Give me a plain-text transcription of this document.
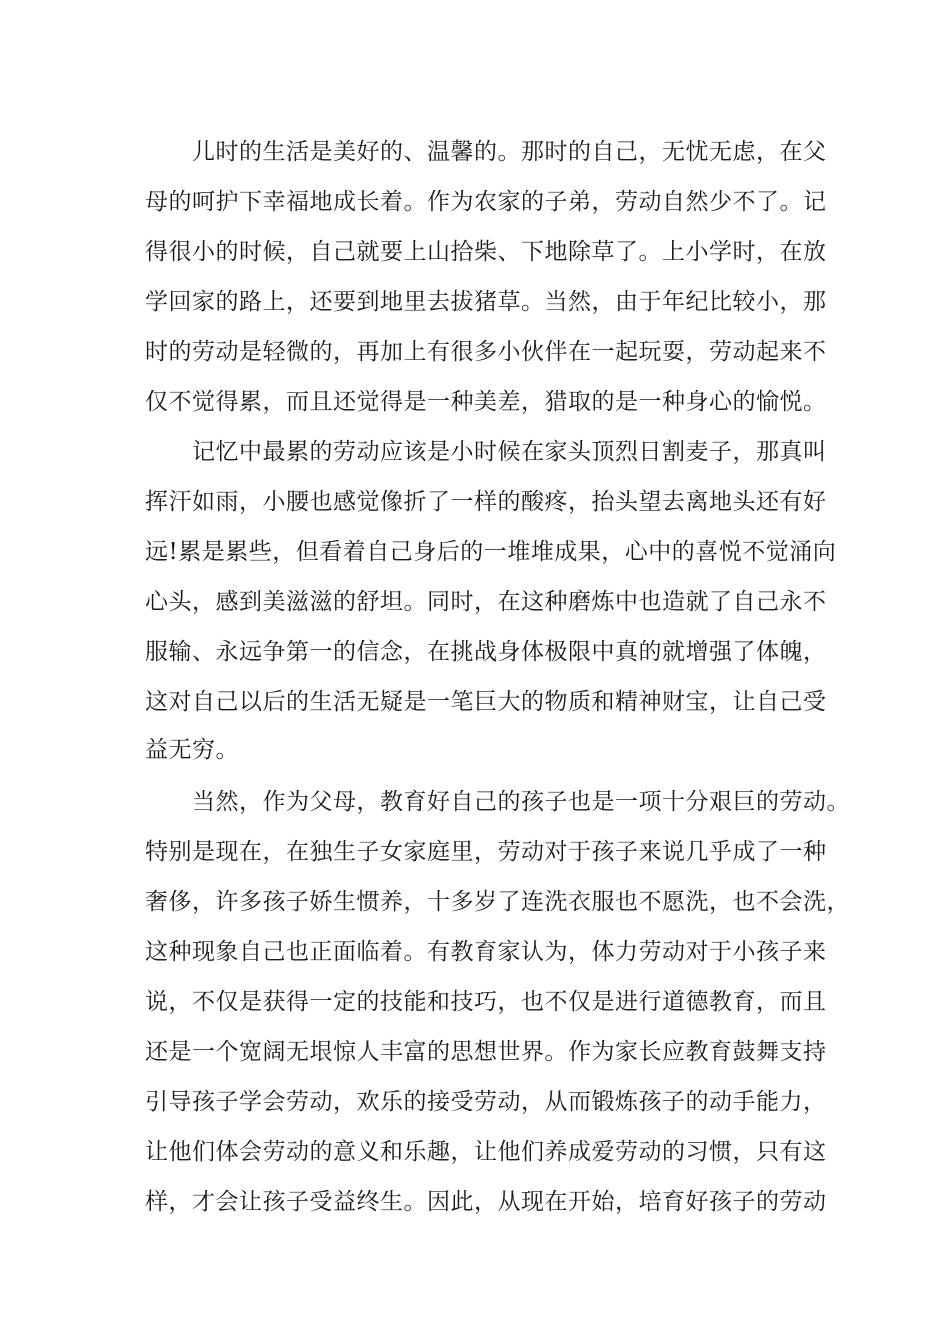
儿时的生活是美好的、温馨的。那时的自己，无忧无虑，在父
母的呵护下幸福地成长着。作为农家的子弟，劳动自然少不了。记
得很小的时候，自己就要上山拾柴、下地除草了。上小学时，在放
学回家的路上，还要到地里去拔猪草。当然，由于年纪比较小，那
时的劳动是轻微的，再加上有很多小伙伴在一起玩耍，劳动起来不
仅不觉得累，而且还觉得是一种美差，猎取的是一种身心的愉悦。
记忆中最累的劳动应该是小时候在家头顶烈日割麦子，那真叫
挥汗如雨，小腰也感觉像折了一样的酸疼，抬头望去离地头还有好
远!累是累些，但看着自己身后的一堆堆成果，心中的喜悦不觉涌向
心头，感到美滋滋的舒坦。同时，在这种磨炼中也造就了自己永不
服输、永远争第一的信念，在挑战身体极限中真的就增强了体魄，
这对自己以后的生活无疑是一笔巨大的物质和精神财宝，让自己受
益无穷。
当然，作为父母，教育好自己的孩子也是一项十分艰巨的劳动。
特别是现在，在独生子女家庭里，劳动对于孩子来说几乎成了一种
奢侈，许多孩子娇生惯养，十多岁了连洗衣服也不愿洗，也不会洗，
这种现象自己也正面临着。有教育家认为，体力劳动对于小孩子来
说，不仅是获得一定的技能和技巧，也不仅是进行道德教育，而且
还是一个宽阔无垠惊人丰富的思想世界。作为家长应教育鼓舞支持
引导孩子学会劳动，欢乐的接受劳动，从而锻炼孩子的动手能力，
让他们体会劳动的意义和乐趣，让他们养成爱劳动的习惯，只有这
样，才会让孩子受益终生。因此，从现在开始，培育好孩子的劳动
